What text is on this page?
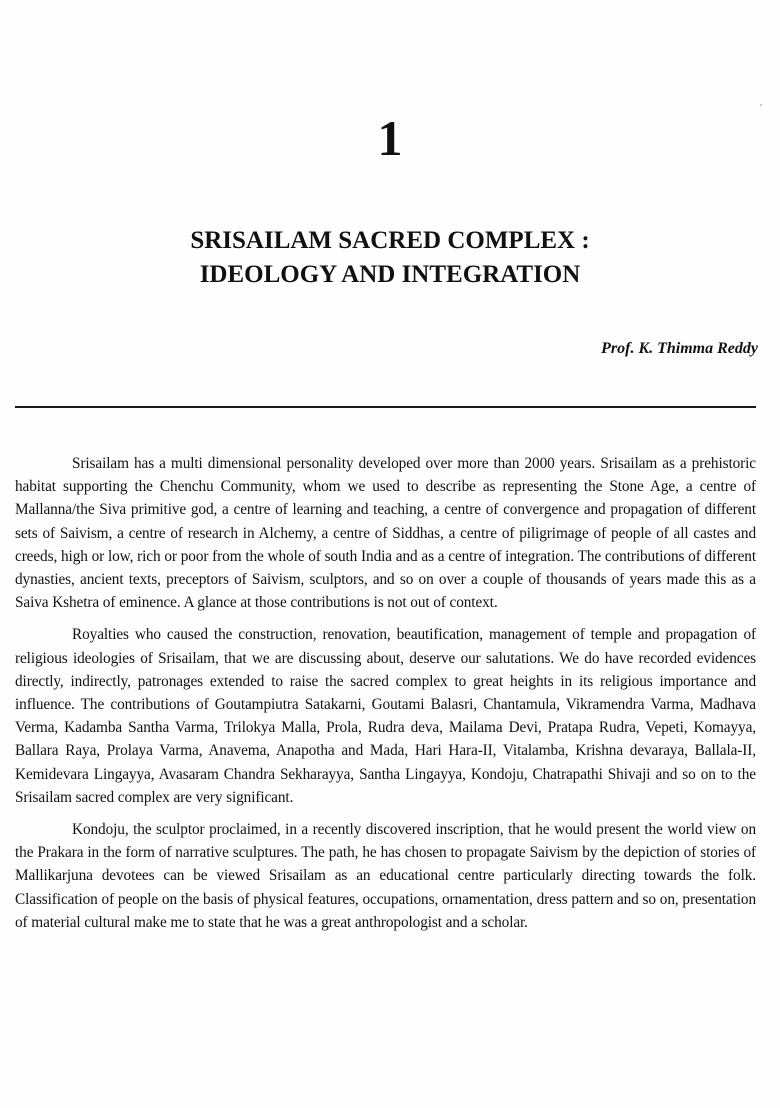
1
SRISAILAM SACRED COMPLEX :
IDEOLOGY AND INTEGRATION
Prof. K. Thimma Reddy

Srisailam has a multi dimensional personality developed over more than 2000 years. Srisailam as a prehistoric habitat supporting the Chenchu Community, whom we used to describe as representing the Stone Age, a centre of Mallanna/the Siva primitive god, a centre of learning and teaching, a centre of convergence and propagation of different sets of Saivism, a centre of research in Alchemy, a centre of Siddhas, a centre of piligrimage of people of all castes and creeds, high or low, rich or poor from the whole of south India and as a centre of integration. The contributions of different dynasties, ancient texts, preceptors of Saivism, sculptors, and so on over a couple of thousands of years made this as a Saiva Kshetra of eminence. A glance at those contributions is not out of context.

Royalties who caused the construction, renovation, beautification, management of temple and propagation of religious ideologies of Srisailam, that we are discussing about, deserve our salutations. We do have recorded evidences directly, indirectly, patronages extended to raise the sacred complex to great heights in its religious importance and influence. The contributions of Goutampiutra Satakarni, Goutami Balasri, Chantamula, Vikramendra Varma, Madhava Verma, Kadamba Santha Varma, Trilokya Malla, Prola, Rudra deva, Mailama Devi, Pratapa Rudra, Vepeti, Komayya, Ballara Raya, Prolaya Varma, Anavema, Anapotha and Mada, Hari Hara-II, Vitalamba, Krishna devaraya, Ballala-II, Kemidevara Lingayya, Avasaram Chandra Sekharayya, Santha Lingayya, Kondoju, Chatrapathi Shivaji and so on to the Srisailam sacred complex are very significant.

Kondoju, the sculptor proclaimed, in a recently discovered inscription, that he would present the world view on the Prakara in the form of narrative sculptures. The path, he has chosen to propagate Saivism by the depiction of stories of Mallikarjuna devotees can be viewed Srisailam as an educational centre particularly directing towards the folk. Classification of people on the basis of physical features, occupations, ornamentation, dress pattern and so on, presentation of material cultural make me to state that he was a great anthropologist and a scholar.
